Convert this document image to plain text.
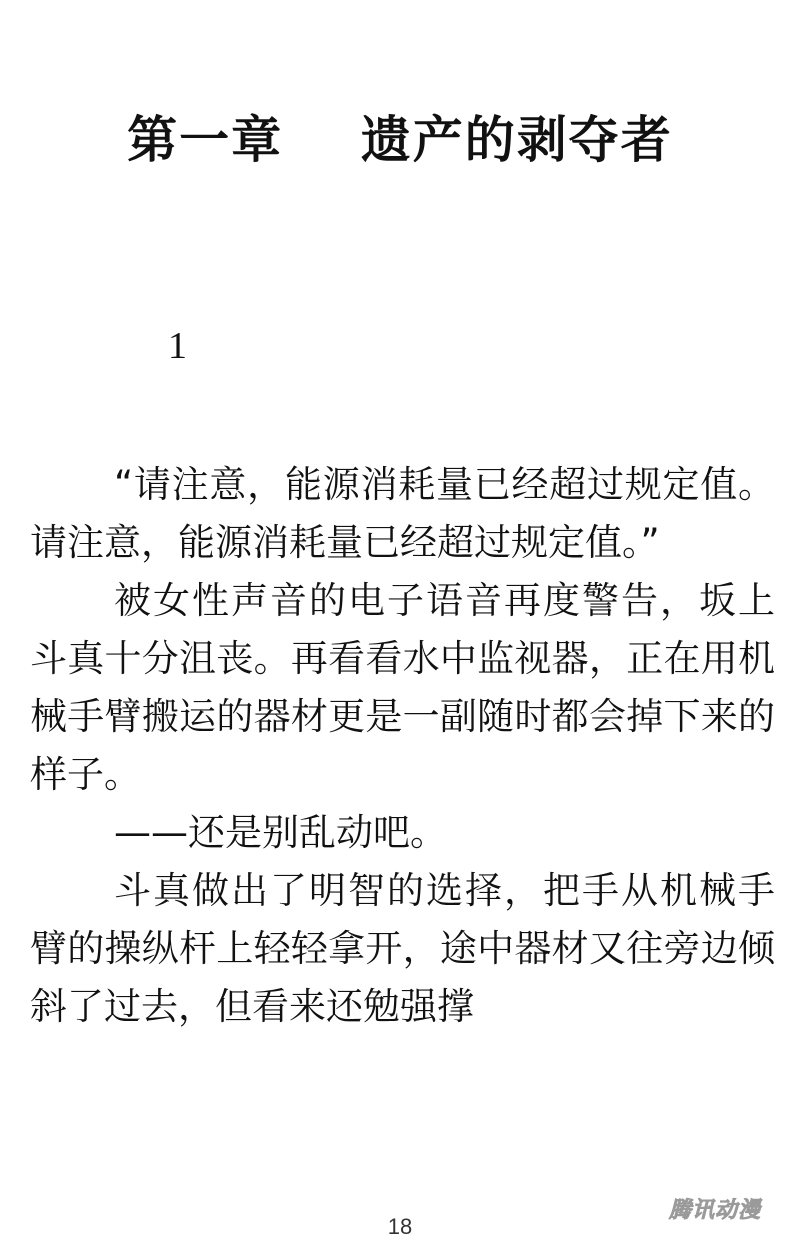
第一章    遗产的剥夺者
1

“请注意，能源消耗量已经超过规定值。请注意，能源消耗量已经超过规定值。”

被女性声音的电子语音再度警告，坂上斗真十分沮丧。再看看水中监视器，正在用机械手臂搬运的器材更是一副随时都会掉下来的样子。

——还是别乱动吧。

斗真做出了明智的选择，把手从机械手臂的操纵杆上轻轻拿开，途中器材又往旁边倾斜了过去，但看来还勉强撑

18
腾讯动漫
